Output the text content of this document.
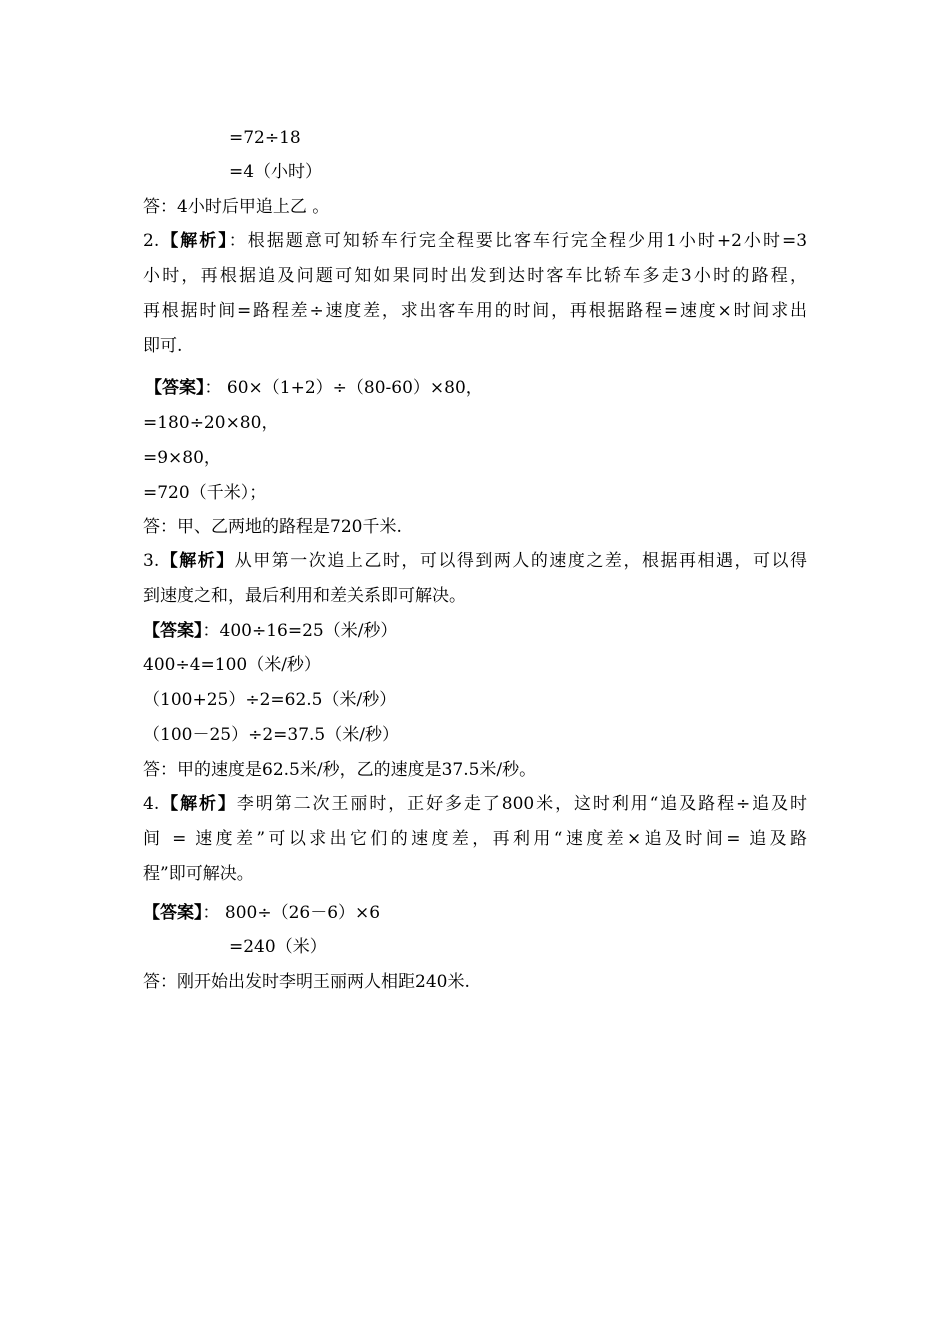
=72÷18
=4（小时）
答：4小时后甲追上乙 。
2.【解析】：根据题意可知轿车行完全程要比客车行完全程少用1小时+2小时=3
小时，再根据追及问题可知如果同时出发到达时客车比轿车多走3小时的路程，
再根据时间=路程差÷速度差，求出客车用的时间，再根据路程=速度×时间求出
即可.
【答案】： 60×（1+2）÷（80-60）×80，
=180÷20×80，
=9×80，
=720（千米）；
答：甲、乙两地的路程是720千米.
3.【解析】从甲第一次追上乙时，可以得到两人的速度之差，根据再相遇，可以得
到速度之和，最后利用和差关系即可解决。
【答案】：400÷16=25（米/秒）
400÷4=100（米/秒）
（100+25）÷2=62.5（米/秒）
（100－25）÷2=37.5（米/秒）
答：甲的速度是62.5米/秒，乙的速度是37.5米/秒。
4.【解析】李明第二次王丽时，正好多走了800米，这时利用“追及路程÷追及时
间 = 速度差”可以求出它们的速度差，再利用“速度差×追及时间= 追及路
程”即可解决。
【答案】： 800÷（26－6）×6
=240（米）
答：刚开始出发时李明王丽两人相距240米.
